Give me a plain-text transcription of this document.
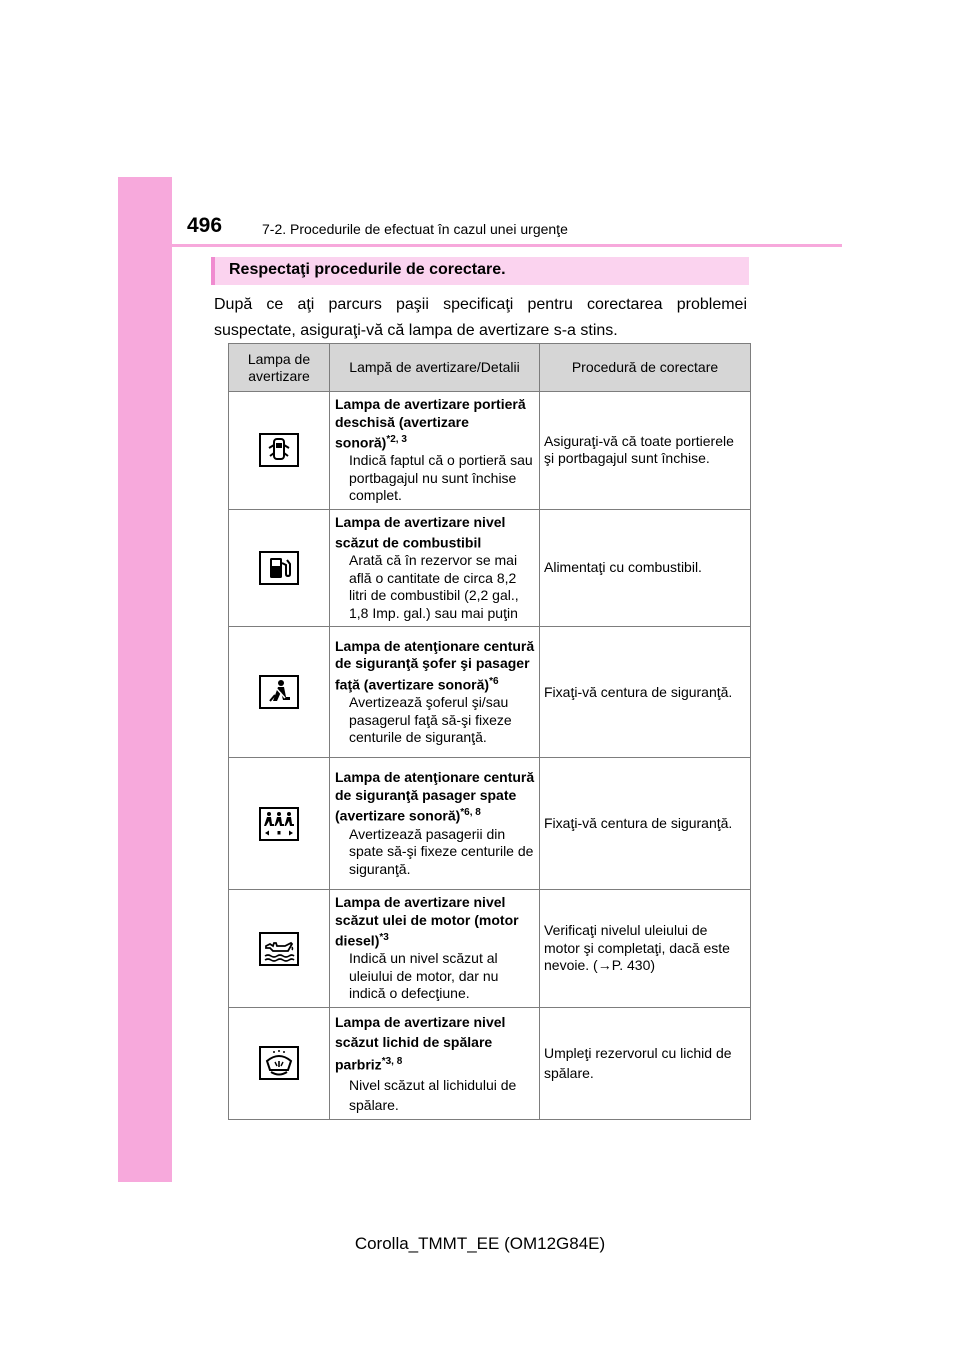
496	7-2. Procedurile de efectuat în cazul unei urgenţe
Respectaţi procedurile de corectare.
După ce aţi parcurs paşii specificaţi pentru corectarea problemei suspectate, asiguraţi-vă că lampa de avertizare s-a stins.
Lampa de avertizare	Lampă de avertizare/Detalii	Procedură de corectare

Lampa de avertizare portieră deschisă (avertizare sonoră)$^{*2, 3}$
Indică faptul că o portieră sau portbagajul nu sunt închise complet.	Asiguraţi-vă că toate portierele şi portbagajul sunt închise.

Lampa de avertizare nivel scăzut de combustibil
Arată că în rezervor se mai află o cantitate de circa 8,2 litri de combustibil (2,2 gal., 1,8 Imp. gal.) sau mai puţin	Alimentaţi cu combustibil.

Lampa de atenţionare centură de siguranţă şofer şi pasager faţă (avertizare sonoră)$^{*6}$
Avertizează şoferul şi/sau pasagerul faţă să-şi fixeze centurile de siguranţă.	Fixaţi-vă centura de siguranţă.

Lampa de atenţionare centură de siguranţă pasager spate (avertizare sonoră)$^{*6, 8}$
Avertizează pasagerii din spate să-şi fixeze centurile de siguranţă.	Fixaţi-vă centura de siguranţă.

Lampa de avertizare nivel scăzut ulei de motor (motor diesel)$^{*3}$
Indică un nivel scăzut al uleiului de motor, dar nu indică o defecţiune.	Verificaţi nivelul uleiului de motor şi completaţi, dacă este nevoie. (→P. 430)

Lampa de avertizare nivel scăzut lichid de spălare parbriz$^{*3, 8}$
Nivel scăzut al lichidului de spălare.	Umpleţi rezervorul cu lichid de spălare.
Corolla_TMMT_EE (OM12G84E)
